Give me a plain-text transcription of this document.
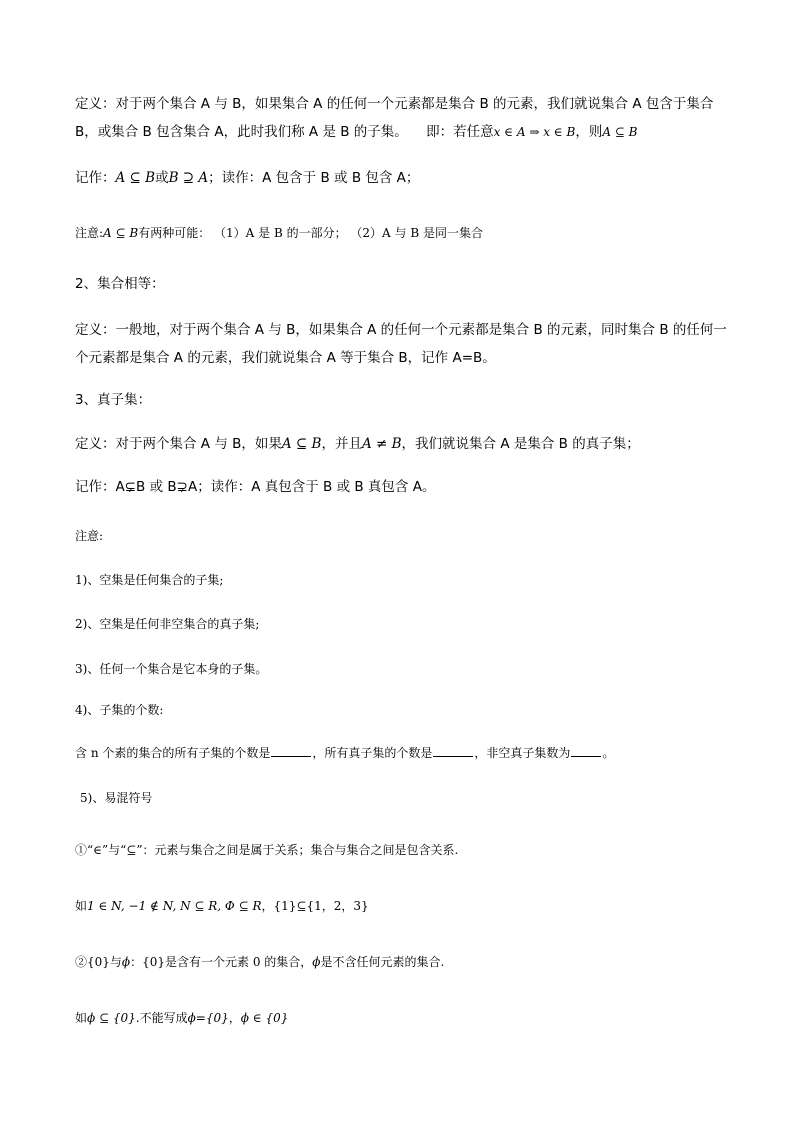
定义：对于两个集合 A 与 B，如果集合 A 的任何一个元素都是集合 B 的元素，我们就说集合 A 包含于集合
B，或集合 B 包含集合 A，此时我们称 A 是 B 的子集。 即：若任意x ∈ A ⇒ x ∈ B，则A ⊆ B
记作：A ⊆ B或B ⊇ A；读作：A 包含于 B 或 B 包含 A；
注意:A ⊆ B有两种可能： （1）A 是 B 的一部分； （2）A 与 B 是同一集合
2、集合相等：
定义：一般地，对于两个集合 A 与 B，如果集合 A 的任何一个元素都是集合 B 的元素，同时集合 B 的任何一
个元素都是集合 A 的元素，我们就说集合 A 等于集合 B，记作 A=B。
3、真子集：
定义：对于两个集合 A 与 B，如果A ⊆ B，并且A ≠ B，我们就说集合 A 是集合 B 的真子集；
记作：A⊊B 或 B⊋A；读作：A 真包含于 B 或 B 真包含 A。
注意:
1)、空集是任何集合的子集;
2)、空集是任何非空集合的真子集;
3)、任何一个集合是它本身的子集。
4)、子集的个数:
含 n 个素的集合的所有子集的个数是	，所有真子集的个数是	，非空真子集数为	。
5)、易混符号
①“∈”与“⊆”：元素与集合之间是属于关系；集合与集合之间是包含关系.
如1 ∈ N, −1 ∉ N, N ⊆ R, Φ ⊆ R，{1}⊆{1，2，3}
②{0}与ϕ：{0}是含有一个元素 0 的集合，ϕ是不含任何元素的集合.
如ϕ ⊆ {0}.不能写成ϕ={0}，ϕ ∈ {0}
